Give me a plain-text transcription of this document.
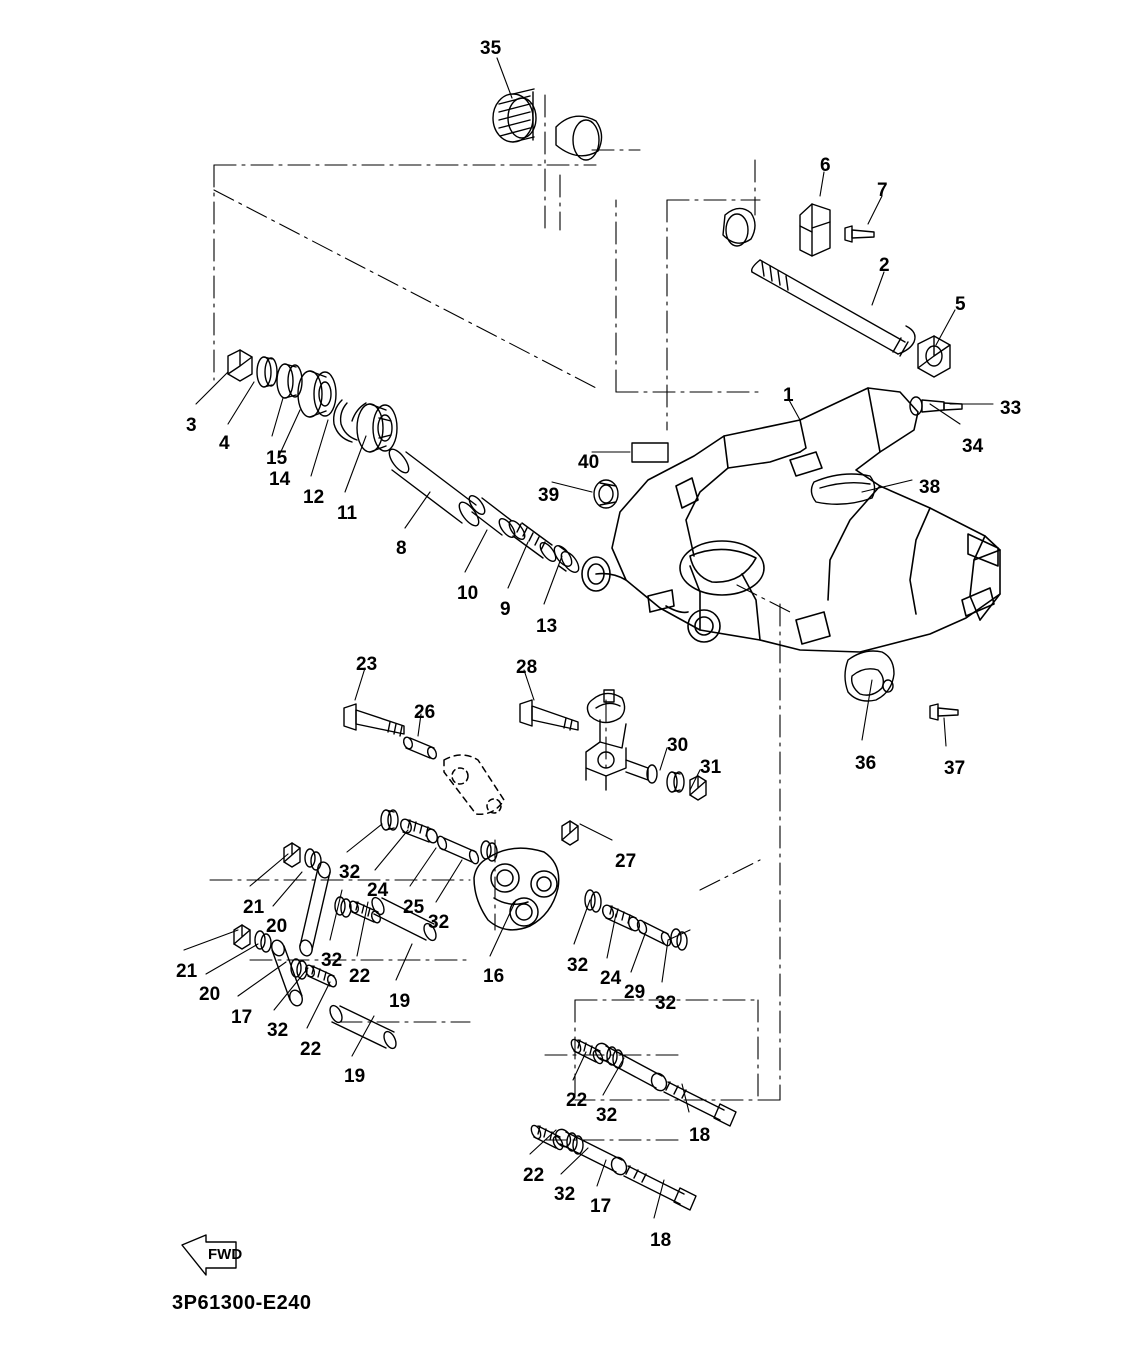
FWD
35
6
7
2
5
1
33
34
3
4
15
14
12
11
40
39	38
8
10
9
13
23	28
26
30
31	36	37
27
32
24
21	25
32
20
32
22
21	16
32
24
29
32
20
17
19
32
22
19
22
32
18
22
32
17
18
3P61300-E240
